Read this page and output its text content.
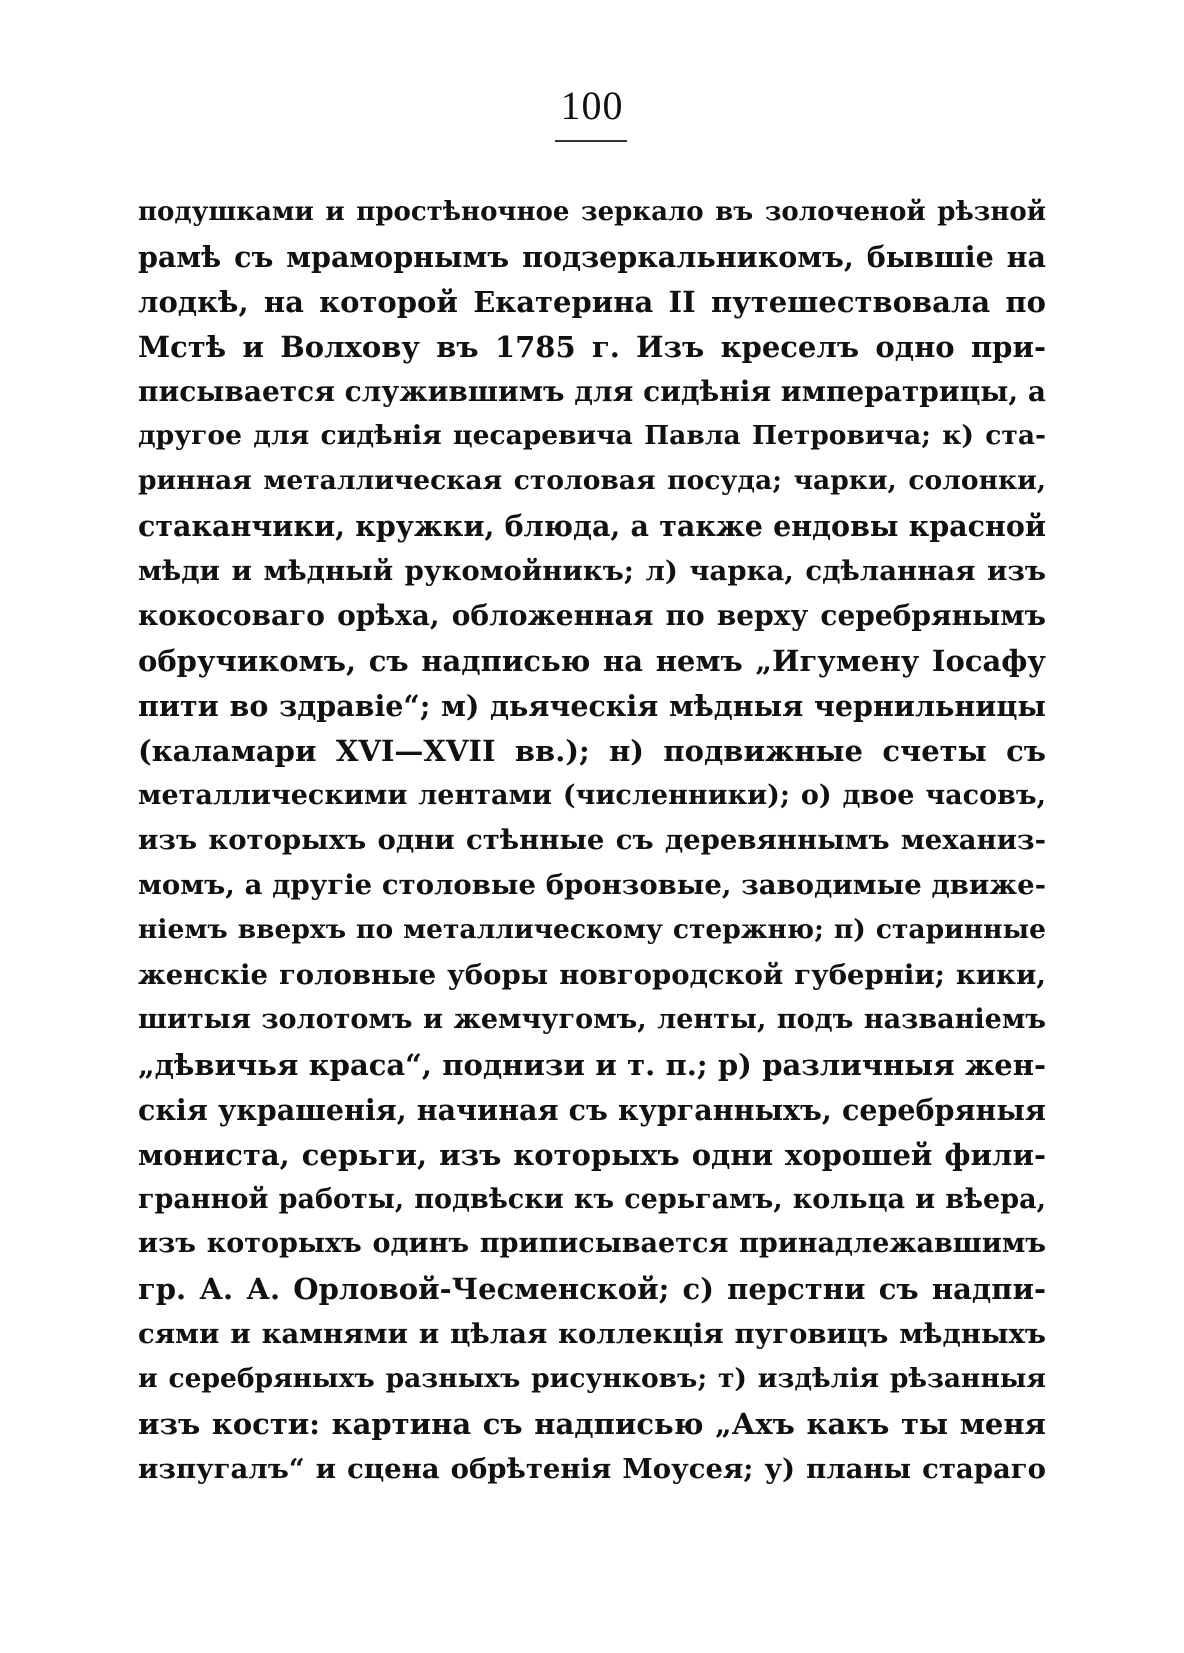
100
подушками и простѣночное зеркало въ золоченой рѣзной
рамѣ съ мраморнымъ подзеркальникомъ, бывшіе на
лодкѣ, на которой Екатерина II путешествовала по
Мстѣ и Волхову въ 1785 г. Изъ креселъ одно при-
писывается служившимъ для сидѣнія императрицы, а
другое для сидѣнія цесаревича Павла Петровича; к) ста-
ринная металлическая столовая посуда; чарки, солонки,
стаканчики, кружки, блюда, а также ендовы красной
мѣди и мѣдный рукомойникъ; л) чарка, сдѣланная изъ
кокосоваго орѣха, обложенная по верху серебрянымъ
обручикомъ, съ надписью на немъ „Игумену Іосафу
пити во здравіе“; м) дьяческія мѣдныя чернильницы
(каламари XVI—XVII вв.); н) подвижные счеты съ
металлическими лентами (численники); о) двое часовъ,
изъ которыхъ одни стѣнные съ деревяннымъ механиз-
момъ, а другіе столовые бронзовые, заводимые движе-
ніемъ вверхъ по металлическому стержню; п) старинные
женскіе головные уборы новгородской губерніи; кики,
шитыя золотомъ и жемчугомъ, ленты, подъ названіемъ
„дѣвичья краса“, поднизи и т. п.; р) различныя жен-
скія украшенія, начиная съ курганныхъ, серебряныя
мониста, серьги, изъ которыхъ одни хорошей фили-
гранной работы, подвѣски къ серьгамъ, кольца и вѣера,
изъ которыхъ одинъ приписывается принадлежавшимъ
гр. А. А. Орловой-Чесменской; с) перстни съ надпи-
сями и камнями и цѣлая коллекція пуговицъ мѣдныхъ
и серебряныхъ разныхъ рисунковъ; т) издѣлія рѣзанныя
изъ кости: картина съ надписью „Ахъ какъ ты меня
изпугалъ“ и сцена обрѣтенія Моусея; у) планы стараго
